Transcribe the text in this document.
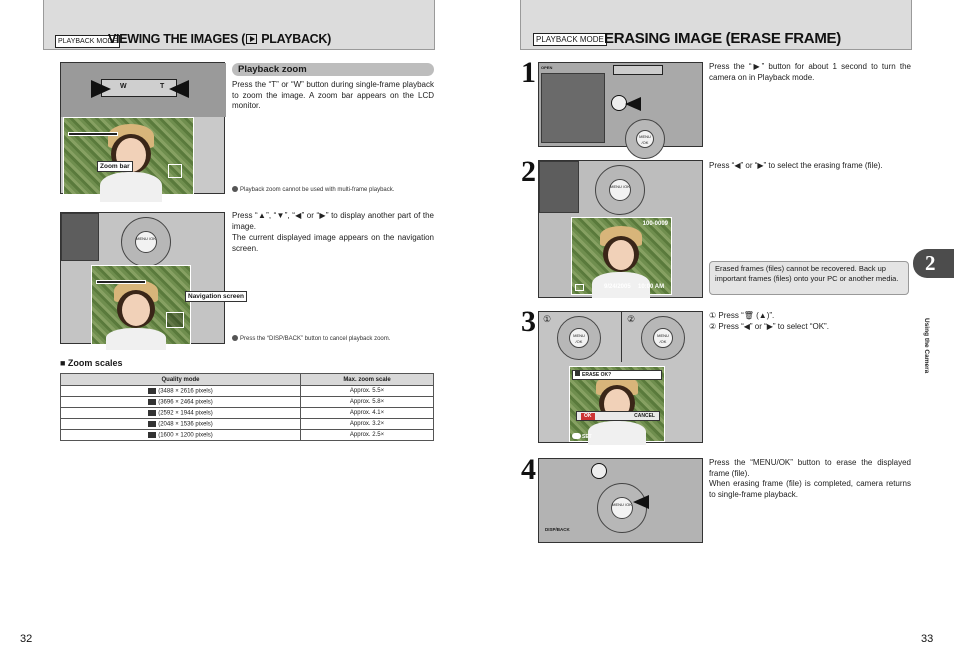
PLAYBACK MODE
VIEWING THE IMAGES (
PLAYBACK)
W	T
Zoom bar
Playback zoom

Press the “T” or “W” button during single-frame playback to zoom the image. A zoom bar appears on the LCD monitor.

Playback zoom cannot be used with multi-frame playback.
MENU /OK
Navigation screen

Press “▲”, “▼”, “◀” or “▶” to display another part of the image.

The current displayed image appears on the navigation screen.

Press the “DISP/BACK” button to cancel playback zoom.
■ Zoom scales
Quality mode	Max. zoom scale
(3488 × 2616 pixels)	Approx. 5.5×
(3696 × 2464 pixels)	Approx. 5.8×
(2592 × 1944 pixels)	Approx. 4.1×
(2048 × 1536 pixels)	Approx. 3.2×
(1600 × 1200 pixels)	Approx. 2.5×
32
PLAYBACK MODE ERASING IMAGE (ERASE FRAME)
1 OPEN
MENU /OK

Press the “▶” button for about 1 second to turn the camera on in Playback mode.

2	MENU /OK
100-0009
9/24/2005 10:00 AM

Press “◀” or “▶” to select the erasing frame (file).

Erased frames (files) cannot be recovered. Back up important frames (files) onto your PC or another media.
3 ①	②
MENU /OK
MENU /OK
ERASE OK?
OK	CANCEL
SET

① Press “🗑 (▲)”.

② Press “◀” or “▶” to select “OK”.

4
MENU /OK
DISP/BACK

Press the “MENU/OK” button to erase the displayed frame (file).

When erasing frame (file) is completed, camera returns to single-frame playback.

2
Using the Camera
33
